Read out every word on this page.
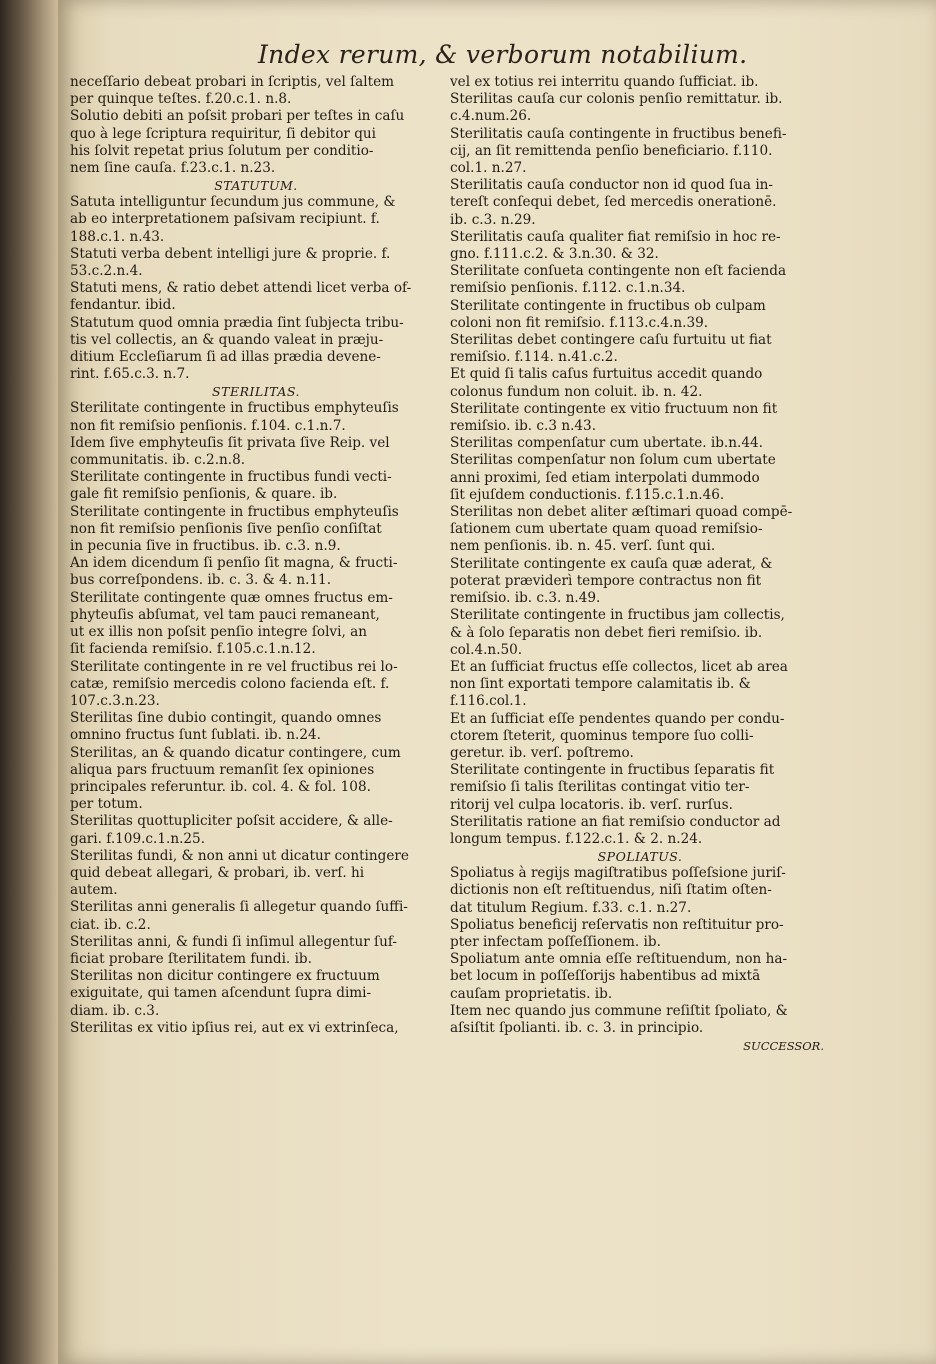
Index rerum, & verborum notabilium.

neceſſario debeat probari in ſcriptis, vel ſaltem
per quinque teſtes. f.20.c.1. n.8.

Solutio debiti an poſsit probari per teſtes in caſu
quo à lege ſcriptura requiritur, ſi debitor qui
his ſolvit repetat prius ſolutum per conditio-
nem ſine cauſa. f.23.c.1. n.23.

STATUTUM.

Satuta intelliguntur ſecundum jus commune, &
ab eo interpretationem paſsivam recipiunt. f.
188.c.1. n.43.

Statuti verba debent intelligi jure & proprie. f.
53.c.2.n.4.

Statuti mens, & ratio debet attendi licet verba of-
fendantur. ibid.

Statutum quod omnia prædia ſint ſubjecta tribu-
tis vel collectis, an & quando valeat in præju-
ditium Eccleſiarum ſi ad illas prædia devene-
rint. f.65.c.3. n.7.

STERILITAS.

Sterilitate contingente in fructibus emphyteuſis
non fit remiſsio penſionis. f.104. c.1.n.7.

Idem ſive emphyteuſis ſit privata ſive Reip. vel
communitatis. ib. c.2.n.8.

Sterilitate contingente in fructibus fundi vecti-
gale fit remiſsio penſionis, & quare. ib.

Sterilitate contingente in fructibus emphyteuſis
non fit remiſsio penſionis ſive penſio conſiſtat
in pecunia ſive in fructibus. ib. c.3. n.9.

An idem dicendum ſi penſio ſit magna, & fructi-
bus correſpondens. ib. c. 3. & 4. n.11.

Sterilitate contingente quæ omnes fructus em-
phyteuſis abſumat, vel tam pauci remaneant,
ut ex illis non poſsit penſio integre ſolvi, an
ſit facienda remiſsio. f.105.c.1.n.12.

Sterilitate contingente in re vel fructibus rei lo-
catæ, remiſsio mercedis colono facienda eſt. f.
107.c.3.n.23.

Sterilitas ſine dubio contingit, quando omnes
omnino fructus ſunt ſublati. ib. n.24.

Sterilitas, an & quando dicatur contingere, cum
aliqua pars fructuum remanſit ſex opiniones
principales referuntur. ib. col. 4. & fol. 108.
per totum.

Sterilitas quottupliciter poſsit accidere, & alle-
gari. f.109.c.1.n.25.

Sterilitas fundi, & non anni ut dicatur contingere
quid debeat allegari, & probari, ib. verſ. hi
autem.

Sterilitas anni generalis ſi allegetur quando ſuffi-
ciat. ib. c.2.

Sterilitas anni, & fundi ſi inſimul allegentur ſuf-
ficiat probare ſterilitatem fundi. ib.

Sterilitas non dicitur contingere ex fructuum
exiguitate, qui tamen aſcendunt ſupra dimi-
diam. ib. c.3.

Sterilitas ex vitio ipſius rei, aut ex vi extrinſeca,

vel ex totius rei interritu quando ſufficiat. ib.

Sterilitas cauſa cur colonis penſio remittatur. ib.
c.4.num.26.

Sterilitatis cauſa contingente in fructibus benefi-
cij, an ſit remittenda penſio beneficiario. f.110.
col.1. n.27.

Sterilitatis cauſa conductor non id quod ſua in-
tereſt conſequi debet, ſed mercedis onerationē.
ib. c.3. n.29.

Sterilitatis cauſa qualiter fiat remiſsio in hoc re-
gno. f.111.c.2. & 3.n.30. & 32.

Sterilitate conſueta contingente non eſt facienda
remiſsio penſionis. f.112. c.1.n.34.

Sterilitate contingente in fructibus ob culpam
coloni non fit remiſsio. f.113.c.4.n.39.

Sterilitas debet contingere caſu furtuitu ut fiat
remiſsio. f.114. n.41.c.2.

Et quid ſi talis caſus furtuitus accedit quando
colonus fundum non coluit. ib. n. 42.

Sterilitate contingente ex vitio fructuum non fit
remiſsio. ib. c.3 n.43.

Sterilitas compenſatur cum ubertate. ib.n.44.

Sterilitas compenſatur non ſolum cum ubertate
anni proximi, ſed etiam interpolati dummodo
ſit ejuſdem conductionis. f.115.c.1.n.46.

Sterilitas non debet aliter æſtimari quoad compē-
ſationem cum ubertate quam quoad remiſsio-
nem penſionis. ib. n. 45. verſ. ſunt qui.

Sterilitate contingente ex cauſa quæ aderat, &
poterat præviderì tempore contractus non fit
remiſsio. ib. c.3. n.49.

Sterilitate contingente in fructibus jam collectis,
& à ſolo ſeparatis non debet fieri remiſsio. ib.
col.4.n.50.

Et an ſufficiat fructus eſſe collectos, licet ab area
non ſint exportati tempore calamitatis ib. &
f.116.col.1.

Et an ſufficiat eſſe pendentes quando per condu-
ctorem ſteterit, quominus tempore ſuo colli-
geretur. ib. verſ. poſtremo.

Sterilitate contingente in fructibus ſeparatis fit
remiſsio ſi talis ſterilitas contingat vitio ter-
ritorij vel culpa locatoris. ib. verſ. rurſus.

Sterilitatis ratione an fiat remiſsio conductor ad
longum tempus. f.122.c.1. & 2. n.24.

SPOLIATUS.

Spoliatus à regijs magiſtratibus poſſeſsione juriſ-
dictionis non eſt reſtituendus, niſi ſtatim oſten-
dat titulum Regium. f.33. c.1. n.27.

Spoliatus beneficij reſervatis non reſtituitur pro-
pter infectam poſſeſſionem. ib.

Spoliatum ante omnia eſſe reſtituendum, non ha-
bet locum in poſſeſſorijs habentibus ad mixtā
cauſam proprietatis. ib.

Item nec quando jus commune reſiſtit ſpoliato, &
aſsiſtit ſpolianti. ib. c. 3. in principio.

SUCCESSOR.
